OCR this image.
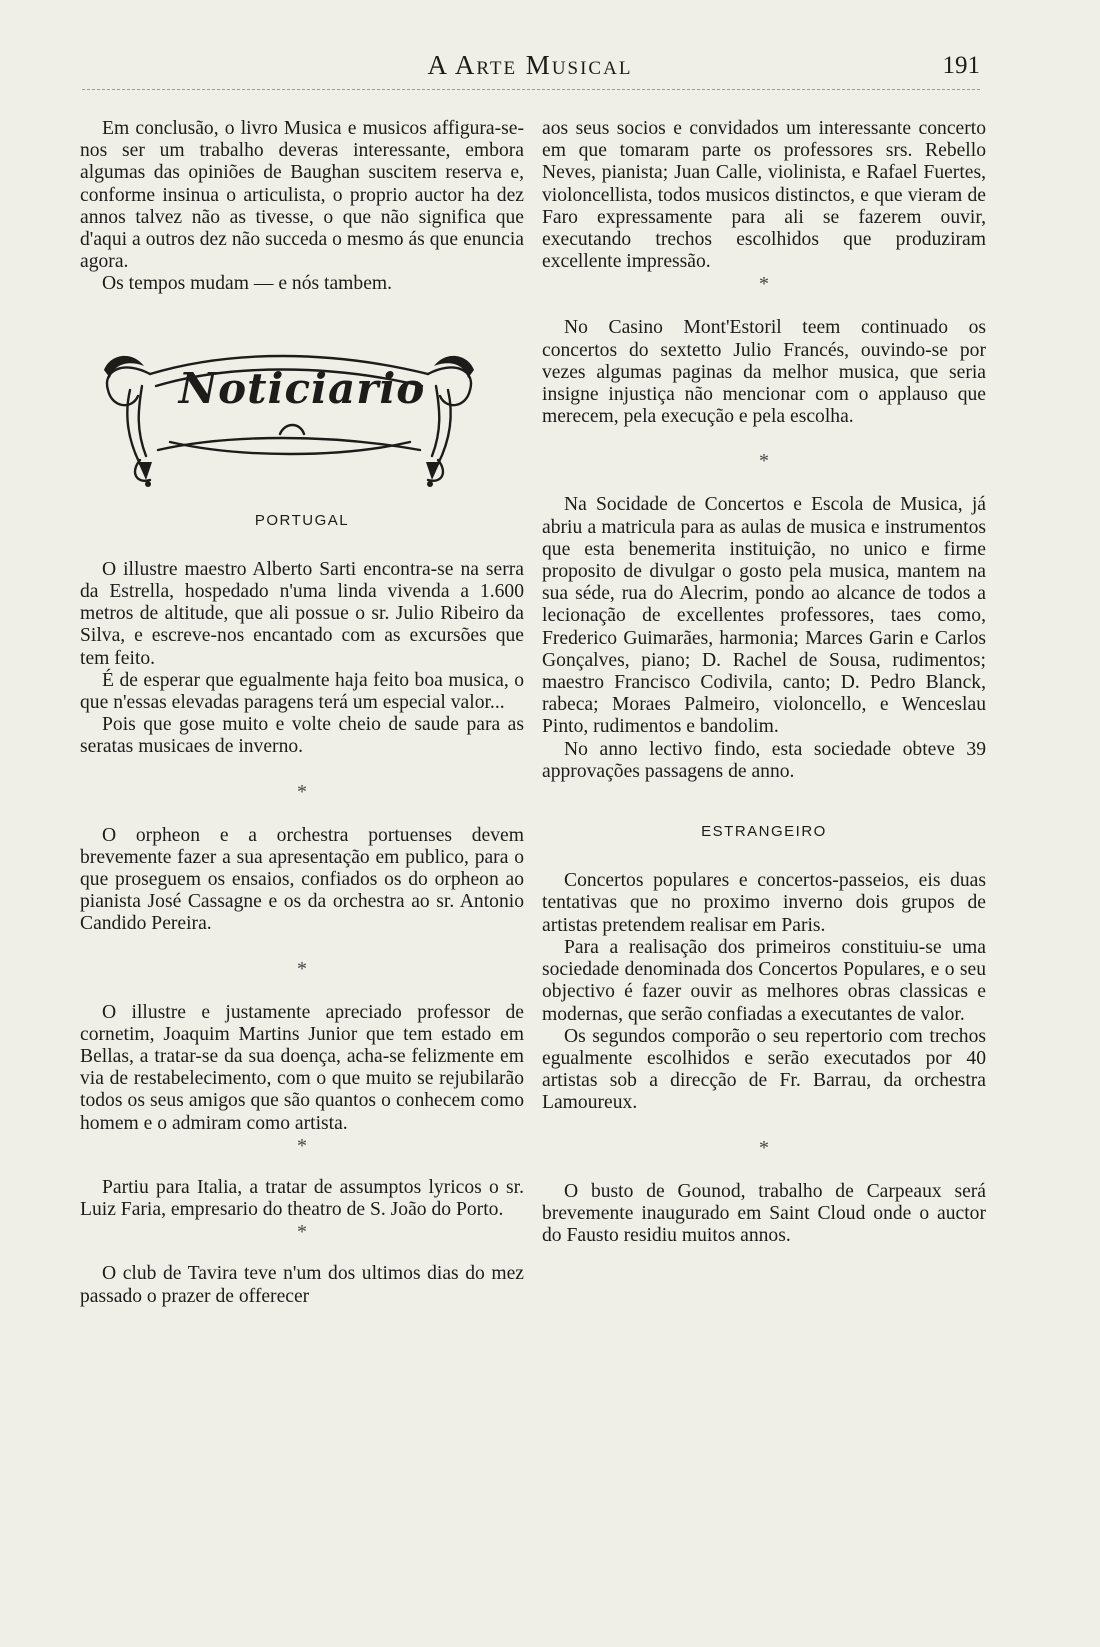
A Arte Musical	191

Em conclusão, o livro Musica e musicos affigura-se-nos ser um trabalho deveras interessante, embora algumas das opiniões de Baughan suscitem reserva e, conforme insinua o articulista, o proprio auctor ha dez annos talvez não as tivesse, o que não significa que d'aqui a outros dez não succeda o mesmo ás que enuncia agora.

Os tempos mudam — e nós tambem.

Noticiario
PORTUGAL

O illustre maestro Alberto Sarti encontra-se na serra da Estrella, hospedado n'uma linda vivenda a 1.600 metros de altitude, que ali possue o sr. Julio Ribeiro da Silva, e escreve-nos encantado com as excursões que tem feito.

É de esperar que egualmente haja feito boa musica, o que n'essas elevadas paragens terá um especial valor...

Pois que gose muito e volte cheio de saude para as seratas musicaes de inverno.

*

O orpheon e a orchestra portuenses devem brevemente fazer a sua apresentação em publico, para o que proseguem os ensaios, confiados os do orpheon ao pianista José Cassagne e os da orchestra ao sr. Antonio Candido Pereira.

*

O illustre e justamente apreciado professor de cornetim, Joaquim Martins Junior que tem estado em Bellas, a tratar-se da sua doença, acha-se felizmente em via de restabelecimento, com o que muito se rejubilarão todos os seus amigos que são quantos o conhecem como homem e o admiram como artista.

*

Partiu para Italia, a tratar de assumptos lyricos o sr. Luiz Faria, empresario do theatro de S. João do Porto.

*

O club de Tavira teve n'um dos ultimos dias do mez passado o prazer de offerecer

aos seus socios e convidados um interessante concerto em que tomaram parte os professores srs. Rebello Neves, pianista; Juan Calle, violinista, e Rafael Fuertes, violoncellista, todos musicos distinctos, e que vieram de Faro expressamente para ali se fazerem ouvir, executando trechos escolhidos que produziram excellente impressão.

*

No Casino Mont'Estoril teem continuado os concertos do sextetto Julio Francés, ouvindo-se por vezes algumas paginas da melhor musica, que seria insigne injustiça não mencionar com o applauso que merecem, pela execução e pela escolha.

*

Na Socidade de Concertos e Escola de Musica, já abriu a matricula para as aulas de musica e instrumentos que esta benemerita instituição, no unico e firme proposito de divulgar o gosto pela musica, mantem na sua séde, rua do Alecrim, pondo ao alcance de todos a lecionação de excellentes professores, taes como, Frederico Guimarães, harmonia; Marces Garin e Carlos Gonçalves, piano; D. Rachel de Sousa, rudimentos; maestro Francisco Codivila, canto; D. Pedro Blanck, rabeca; Moraes Palmeiro, violoncello, e Wenceslau Pinto, rudimentos e bandolim.

No anno lectivo findo, esta sociedade obteve 39 approvações passagens de anno.

ESTRANGEIRO

Concertos populares e concertos-passeios, eis duas tentativas que no proximo inverno dois grupos de artistas pretendem realisar em Paris.

Para a realisação dos primeiros constituiu-se uma sociedade denominada dos Concertos Populares, e o seu objectivo é fazer ouvir as melhores obras classicas e modernas, que serão confiadas a executantes de valor.

Os segundos comporão o seu repertorio com trechos egualmente escolhidos e serão executados por 40 artistas sob a direcção de Fr. Barrau, da orchestra Lamoureux.

*

O busto de Gounod, trabalho de Carpeaux será brevemente inaugurado em Saint Cloud onde o auctor do Fausto residiu muitos annos.
